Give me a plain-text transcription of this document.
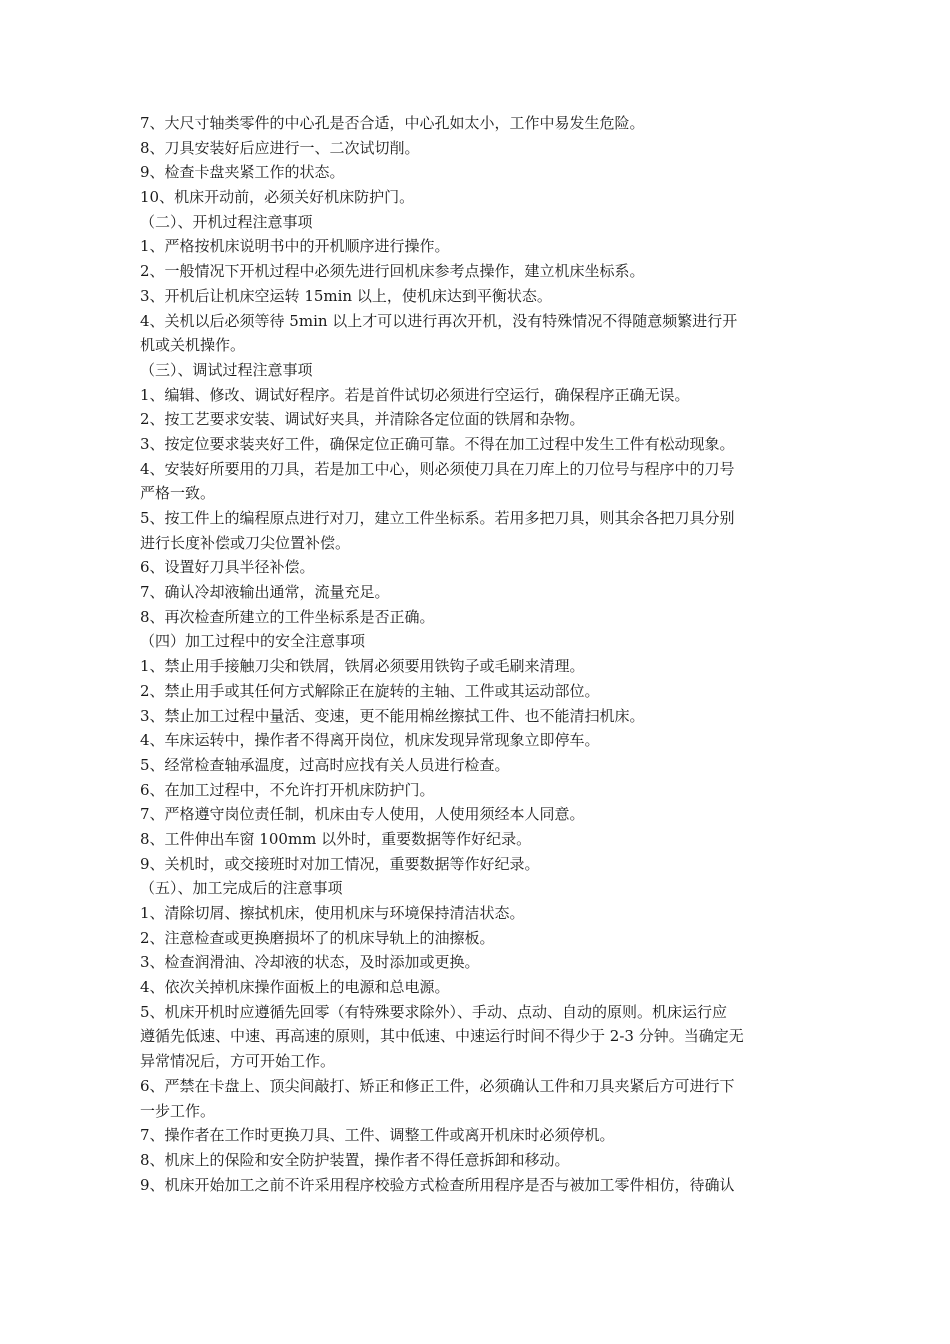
7、大尺寸轴类零件的中心孔是否合适，中心孔如太小，工作中易发生危险。
8、刀具安装好后应进行一、二次试切削。
9、检查卡盘夹紧工作的状态。
10、机床开动前，必须关好机床防护门。
（二）、开机过程注意事项
1、严格按机床说明书中的开机顺序进行操作。
2、一般情况下开机过程中必须先进行回机床参考点操作，建立机床坐标系。
3、开机后让机床空运转 15min 以上，使机床达到平衡状态。
4、关机以后必须等待 5min 以上才可以进行再次开机，没有特殊情况不得随意频繁进行开
机或关机操作。
（三）、调试过程注意事项
1、编辑、修改、调试好程序。若是首件试切必须进行空运行，确保程序正确无误。
2、按工艺要求安装、调试好夹具，并清除各定位面的铁屑和杂物。
3、按定位要求装夹好工件，确保定位正确可靠。不得在加工过程中发生工件有松动现象。
4、安装好所要用的刀具，若是加工中心，则必须使刀具在刀库上的刀位号与程序中的刀号
严格一致。
5、按工件上的编程原点进行对刀，建立工件坐标系。若用多把刀具，则其余各把刀具分别
进行长度补偿或刀尖位置补偿。
6、设置好刀具半径补偿。
7、确认冷却液输出通常，流量充足。
8、再次检查所建立的工件坐标系是否正确。
（四）加工过程中的安全注意事项
1、禁止用手接触刀尖和铁屑，铁屑必须要用铁钩子或毛刷来清理。
2、禁止用手或其任何方式解除正在旋转的主轴、工件或其运动部位。
3、禁止加工过程中量活、变速，更不能用棉丝擦拭工件、也不能清扫机床。
4、车床运转中，操作者不得离开岗位，机床发现异常现象立即停车。
5、经常检查轴承温度，过高时应找有关人员进行检查。
6、在加工过程中，不允许打开机床防护门。
7、严格遵守岗位责任制，机床由专人使用，人使用须经本人同意。
8、工件伸出车窗 100mm 以外时，重要数据等作好纪录。
9、关机时，或交接班时对加工情况，重要数据等作好纪录。
（五）、加工完成后的注意事项
1、清除切屑、擦拭机床，使用机床与环境保持清洁状态。
2、注意检查或更换磨损坏了的机床导轨上的油擦板。
3、检查润滑油、冷却液的状态，及时添加或更换。
4、依次关掉机床操作面板上的电源和总电源。
5、机床开机时应遵循先回零（有特殊要求除外）、手动、点动、自动的原则。机床运行应
遵循先低速、中速、再高速的原则，其中低速、中速运行时间不得少于 2-3 分钟。当确定无
异常情况后，方可开始工作。
6、严禁在卡盘上、顶尖间敲打、矫正和修正工件，必须确认工件和刀具夹紧后方可进行下
一步工作。
7、操作者在工作时更换刀具、工件、调整工件或离开机床时必须停机。
8、机床上的保险和安全防护装置，操作者不得任意拆卸和移动。
9、机床开始加工之前不许采用程序校验方式检查所用程序是否与被加工零件相仿，待确认
